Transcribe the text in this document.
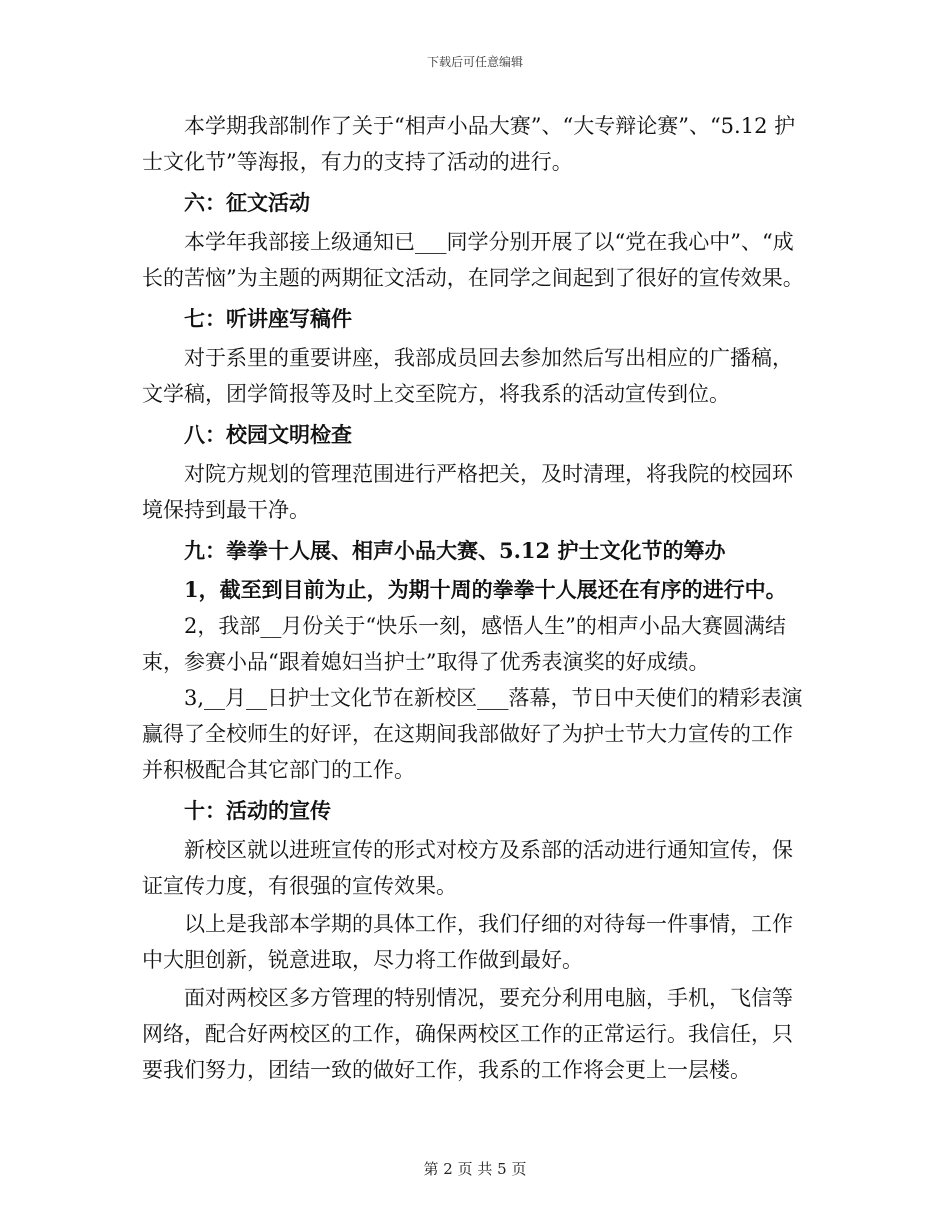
下载后可任意编辑

本学期我部制作了关于“相声小品大赛”、“大专辩论赛”、“5.12 护士文化节”等海报，有力的支持了活动的进行。

六：征文活动

本学年我部接上级通知已___同学分别开展了以“党在我心中”、“成长的苦恼”为主题的两期征文活动，在同学之间起到了很好的宣传效果。

七：听讲座写稿件

对于系里的重要讲座，我部成员回去参加然后写出相应的广播稿，文学稿，团学简报等及时上交至院方，将我系的活动宣传到位。

八：校园文明检查

对院方规划的管理范围进行严格把关，及时清理，将我院的校园环境保持到最干净。

九：拳拳十人展、相声小品大赛、5.12 护士文化节的筹办

1，截至到目前为止，为期十周的拳拳十人展还在有序的进行中。

2，我部__月份关于“快乐一刻，感悟人生”的相声小品大赛圆满结束，参赛小品“跟着媳妇当护士”取得了优秀表演奖的好成绩。

3,__月__日护士文化节在新校区___落幕，节日中天使们的精彩表演赢得了全校师生的好评，在这期间我部做好了为护士节大力宣传的工作并积极配合其它部门的工作。

十：活动的宣传

新校区就以进班宣传的形式对校方及系部的活动进行通知宣传，保证宣传力度，有很强的宣传效果。

以上是我部本学期的具体工作，我们仔细的对待每一件事情，工作中大胆创新，锐意进取，尽力将工作做到最好。

面对两校区多方管理的特别情况，要充分利用电脑，手机，飞信等网络，配合好两校区的工作，确保两校区工作的正常运行。我信任，只要我们努力，团结一致的做好工作，我系的工作将会更上一层楼。

第 2 页 共 5 页
